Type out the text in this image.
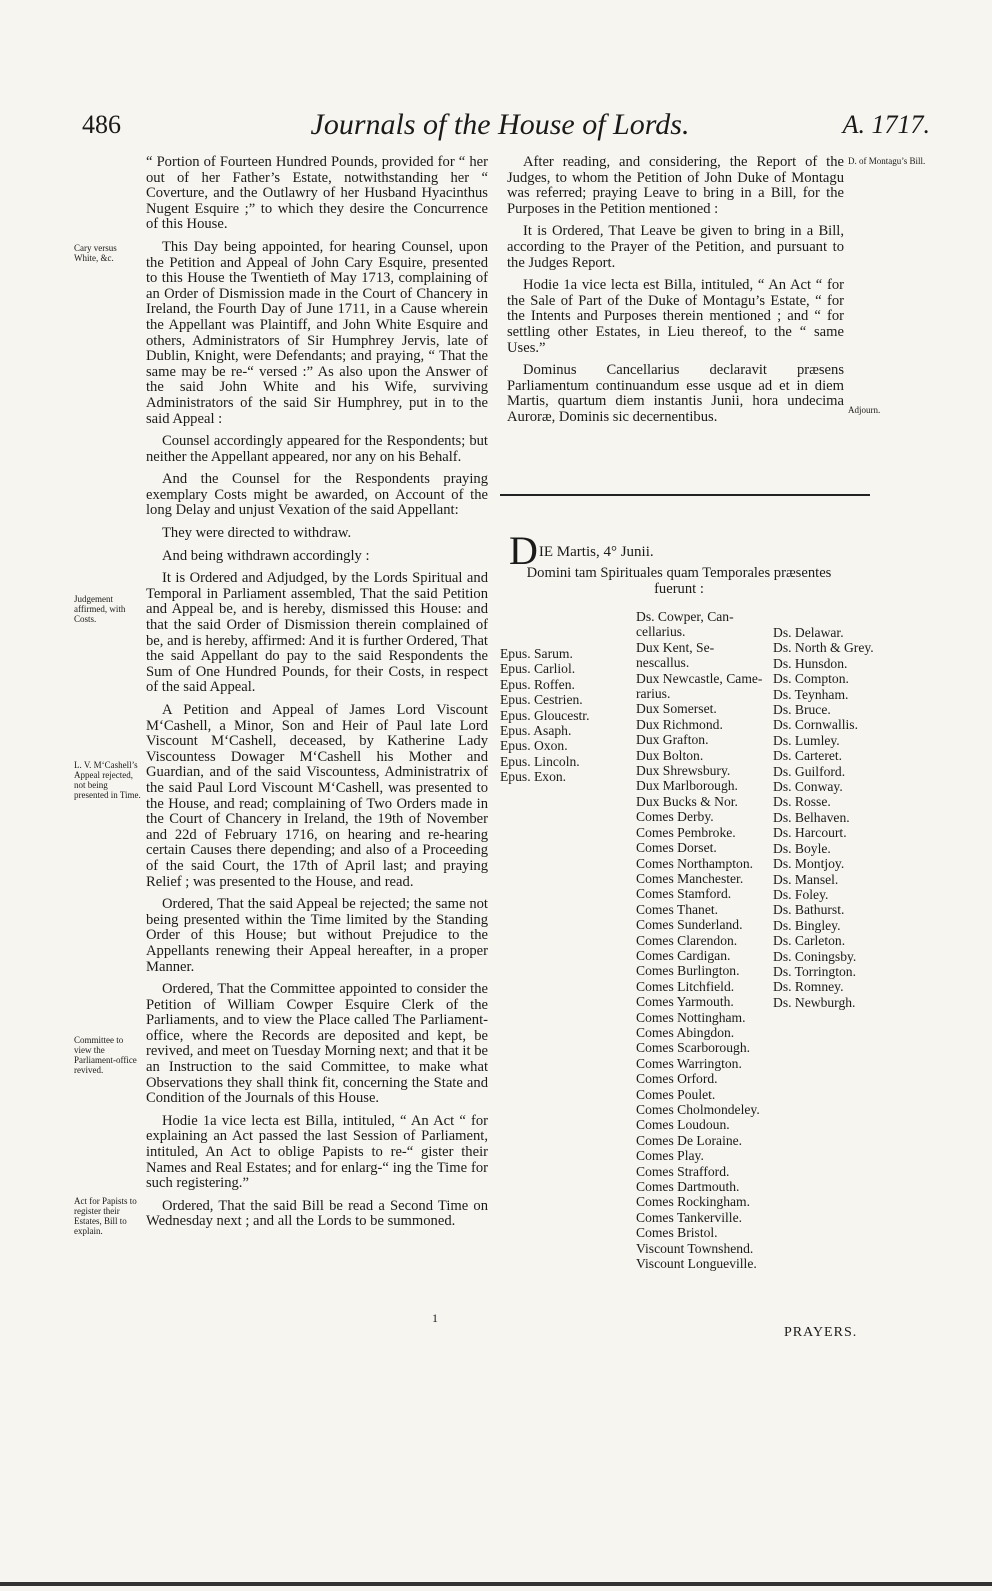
486	Journals of the House of Lords.	A. 1717.
Cary versus White, &c.
Judgement affirmed, with Costs.
L. V. M‘Cashell’s Appeal rejected, not being presented in Time.
Committee to view the Parliament-office revived.
Act for Papists to register their Estates, Bill to explain.
D. of Montagu’s Bill.
Adjourn.

“ Portion of Fourteen Hundred Pounds, provided for “ her out of her Father’s Estate, notwithstanding her “ Coverture, and the Outlawry of her Husband Hyacinthus Nugent Esquire ;” to which they desire the Concurrence of this House.

This Day being appointed, for hearing Counsel, upon the Petition and Appeal of John Cary Esquire, presented to this House the Twentieth of May 1713, complaining of an Order of Dismission made in the Court of Chancery in Ireland, the Fourth Day of June 1711, in a Cause wherein the Appellant was Plaintiff, and John White Esquire and others, Administrators of Sir Humphrey Jervis, late of Dublin, Knight, were Defendants; and praying, “ That the same may be re-“ versed :” As also upon the Answer of the said John White and his Wife, surviving Administrators of the said Sir Humphrey, put in to the said Appeal :

Counsel accordingly appeared for the Respondents; but neither the Appellant appeared, nor any on his Behalf.

And the Counsel for the Respondents praying exemplary Costs might be awarded, on Account of the long Delay and unjust Vexation of the said Appellant:

They were directed to withdraw.

And being withdrawn accordingly :

It is Ordered and Adjudged, by the Lords Spiritual and Temporal in Parliament assembled, That the said Petition and Appeal be, and is hereby, dismissed this House: and that the said Order of Dismission therein complained of be, and is hereby, affirmed: And it is further Ordered, That the said Appellant do pay to the said Respondents the Sum of One Hundred Pounds, for their Costs, in respect of the said Appeal.

A Petition and Appeal of James Lord Viscount M‘Cashell, a Minor, Son and Heir of Paul late Lord Viscount M‘Cashell, deceased, by Katherine Lady Viscountess Dowager M‘Cashell his Mother and Guardian, and of the said Viscountess, Administratrix of the said Paul Lord Viscount M‘Cashell, was presented to the House, and read; complaining of Two Orders made in the Court of Chancery in Ireland, the 19th of November and 22d of February 1716, on hearing and re-hearing certain Causes there depending; and also of a Proceeding of the said Court, the 17th of April last; and praying Relief ; was presented to the House, and read.

Ordered, That the said Appeal be rejected; the same not being presented within the Time limited by the Standing Order of this House; but without Prejudice to the Appellants renewing their Appeal hereafter, in a proper Manner.

Ordered, That the Committee appointed to consider the Petition of William Cowper Esquire Clerk of the Parliaments, and to view the Place called The Parliament-office, where the Records are deposited and kept, be revived, and meet on Tuesday Morning next; and that it be an Instruction to the said Committee, to make what Observations they shall think fit, concerning the State and Condition of the Journals of this House.

Hodie 1a vice lecta est Billa, intituled, “ An Act “ for explaining an Act passed the last Session of Parliament, intituled, An Act to oblige Papists to re-“ gister their Names and Real Estates; and for enlarg-“ ing the Time for such registering.”

Ordered, That the said Bill be read a Second Time on Wednesday next ; and all the Lords to be summoned.

After reading, and considering, the Report of the Judges, to whom the Petition of John Duke of Montagu was referred; praying Leave to bring in a Bill, for the Purposes in the Petition mentioned :

It is Ordered, That Leave be given to bring in a Bill, according to the Prayer of the Petition, and pursuant to the Judges Report.

Hodie 1a vice lecta est Billa, intituled, “ An Act “ for the Sale of Part of the Duke of Montagu’s Estate, “ for the Intents and Purposes therein mentioned ; and “ for settling other Estates, in Lieu thereof, to the “ same Uses.”

Dominus Cancellarius declaravit præsens Parliamentum continuandum esse usque ad et in diem Martis, quartum diem instantis Junii, hora undecima Auroræ, Dominis sic decernentibus.

DIE Martis, 4° Junii.
Domini tam Spirituales quam Temporales præsentes fuerunt :
Epus. Sarum.
Epus. Carliol.
Epus. Roffen.
Epus. Cestrien.
Epus. Gloucestr.
Epus. Asaph.
Epus. Oxon.
Epus. Lincoln.
Epus. Exon.
Ds. Cowper, Can-
cellarius.
Dux Kent, Se-
nescallus.
Dux Newcastle, Came-
rarius.
Dux Somerset.
Dux Richmond.
Dux Grafton.
Dux Bolton.
Dux Shrewsbury.
Dux Marlborough.
Dux Bucks & Nor.
Comes Derby.
Comes Pembroke.
Comes Dorset.
Comes Northampton.
Comes Manchester.
Comes Stamford.
Comes Thanet.
Comes Sunderland.
Comes Clarendon.
Comes Cardigan.
Comes Burlington.
Comes Litchfield.
Comes Yarmouth.
Comes Nottingham.
Comes Abingdon.
Comes Scarborough.
Comes Warrington.
Comes Orford.
Comes Poulet.
Comes Cholmondeley.
Comes Loudoun.
Comes De Loraine.
Comes Play.
Comes Strafford.
Comes Dartmouth.
Comes Rockingham.
Comes Tankerville.
Comes Bristol.
Viscount Townshend.
Viscount Longueville.
Ds. Delawar.
Ds. North & Grey.
Ds. Hunsdon.
Ds. Compton.
Ds. Teynham.
Ds. Bruce.
Ds. Cornwallis.
Ds. Lumley.
Ds. Carteret.
Ds. Guilford.
Ds. Conway.
Ds. Rosse.
Ds. Belhaven.
Ds. Harcourt.
Ds. Boyle.
Ds. Montjoy.
Ds. Mansel.
Ds. Foley.
Ds. Bathurst.
Ds. Bingley.
Ds. Carleton.
Ds. Coningsby.
Ds. Torrington.
Ds. Romney.
Ds. Newburgh.
1
PRAYERS.
